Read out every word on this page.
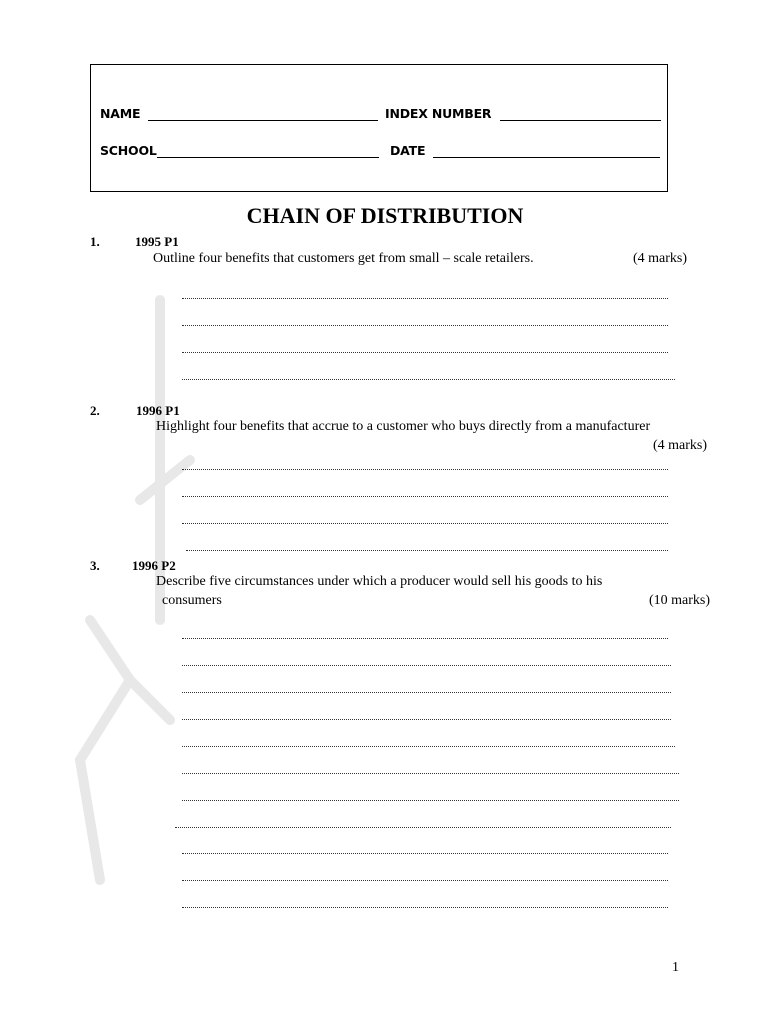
NAME	INDEX NUMBER
SCHOOL	DATE
CHAIN OF DISTRIBUTION
1.	1995 P1
Outline four benefits that customers get from small – scale retailers.	(4 marks)
2.	1996 P1
Highlight four benefits that accrue to a customer who buys directly from a manufacturer
(4 marks)
3. 1996 P2
Describe five circumstances under which a producer would sell his goods to his
consumers	(10 marks)
1
